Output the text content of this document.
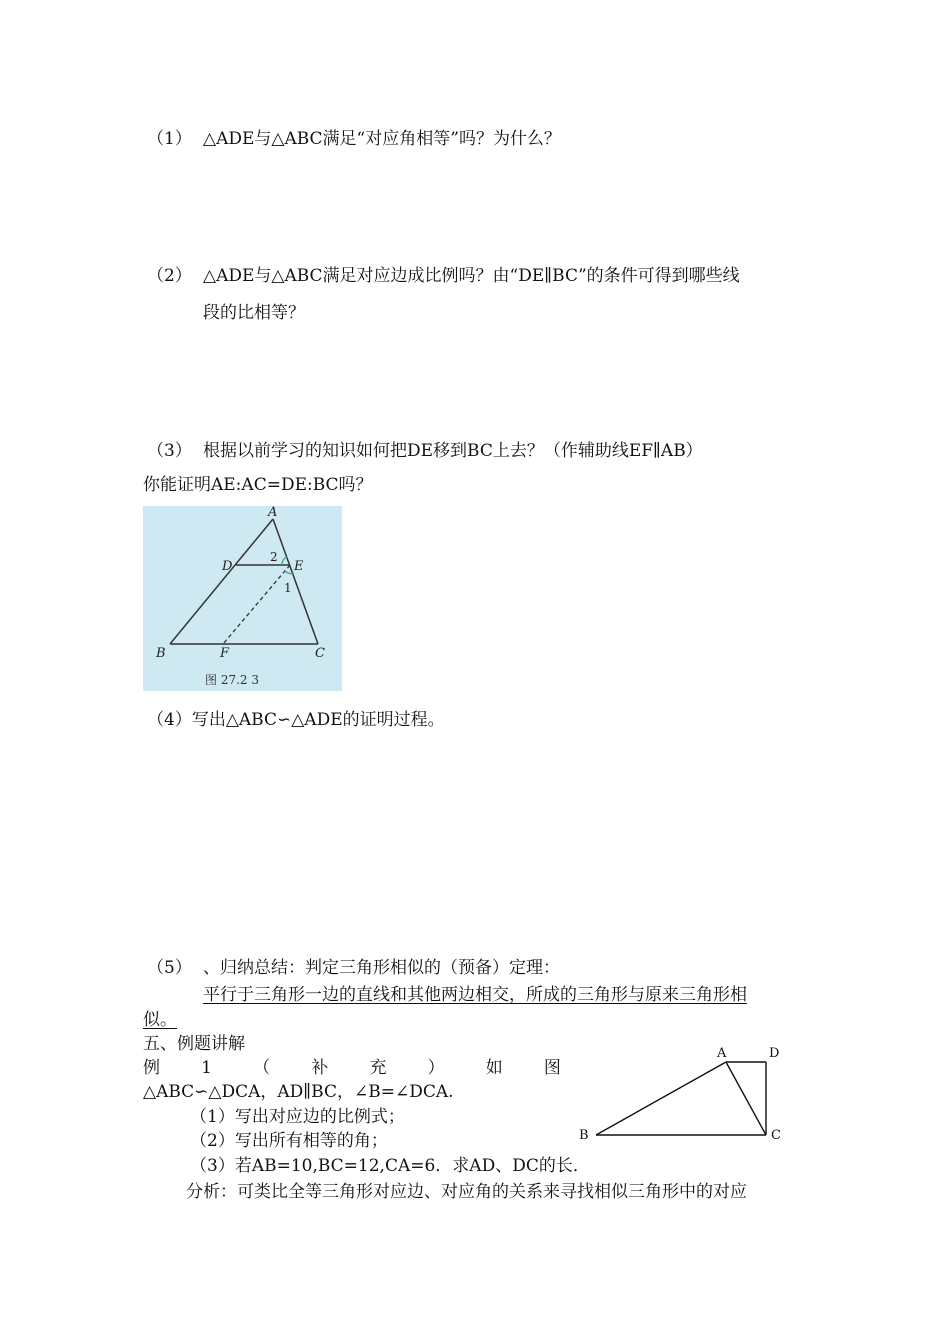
（1） △ADE与△ABC满足“对应角相等”吗？为什么？
（2） △ADE与△ABC满足对应边成比例吗？由“DE∥BC”的条件可得到哪些线
段的比相等？
（3） 根据以前学习的知识如何把DE移到BC上去？（作辅助线EF∥AB）
你能证明AE:AC=DE:BC吗？
A
D	E
2
1
B	F	C
图 27.2 3
（4）写出△ABC∽△ADE的证明过程。
（5） 、归纳总结：判定三角形相似的（预备）定理：
平行于三角形一边的直线和其他两边相交，所成的三角形与原来三角形相
似。
五、例题讲解
例 1 （ 补 充 ） 如 图
△ABC∽△DCA，AD∥BC，∠B=∠DCA.
（1）写出对应边的比例式；
（2）写出所有相等的角；
（3）若AB=10,BC=12,CA=6．求AD、DC的长．
分析：可类比全等三角形对应边、对应角的关系来寻找相似三角形中的对应
A	D
B	C
